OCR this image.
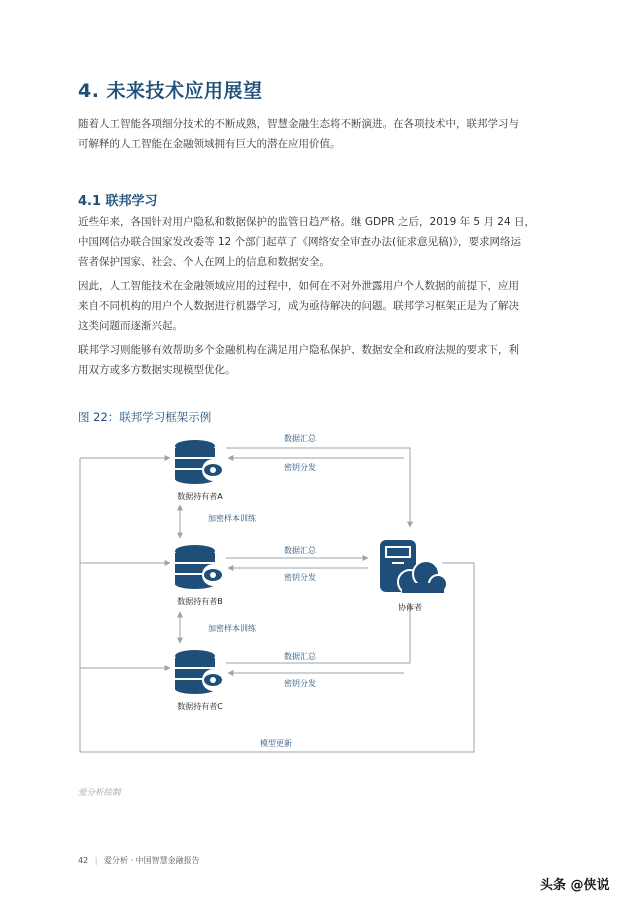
4. 未来技术应用展望
随着人工智能各项细分技术的不断成熟，智慧金融生态将不断演进。在各项技术中，联邦学习与
可解释的人工智能在金融领域拥有巨大的潜在应用价值。
4.1 联邦学习
近些年来，各国针对用户隐私和数据保护的监管日趋严格。继 GDPR 之后，2019 年 5 月 24 日，
中国网信办联合国家发改委等 12 个部门起草了《网络安全审查办法(征求意见稿)》，要求网络运
营者保护国家、社会、个人在网上的信息和数据安全。
因此，人工智能技术在金融领域应用的过程中，如何在不对外泄露用户个人数据的前提下，应用
来自不同机构的用户个人数据进行机器学习，成为亟待解决的问题。联邦学习框架正是为了解决
这类问题而逐渐兴起。
联邦学习则能够有效帮助多个金融机构在满足用户隐私保护、数据安全和政府法规的要求下，利
用双方或多方数据实现模型优化。
图 22：联邦学习框架示例
数据持有者A
数据持有者B
数据持有者C
加密样本训练
加密样本训练
数据汇总
密钥分发
数据汇总
密钥分发
数据汇总
密钥分发
协作者
模型更新
爱分析绘制
42 | 爱分析 · 中国智慧金融报告
头条 @侠说
